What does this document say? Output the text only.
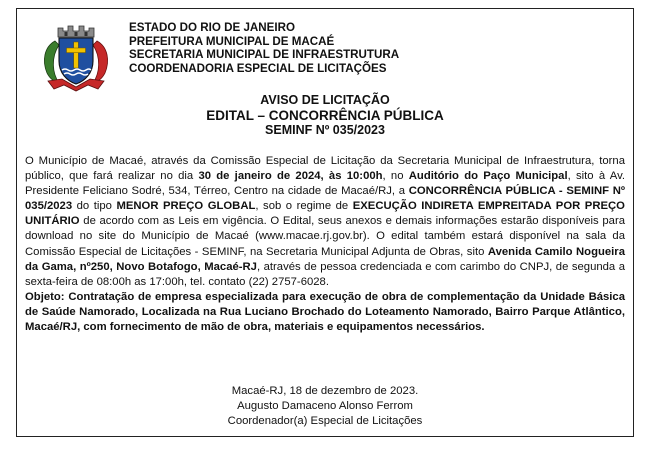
ESTADO DO RIO DE JANEIRO
PREFEITURA MUNICIPAL DE MACAÉ
SECRETARIA MUNICIPAL DE INFRAESTRUTURA
COORDENADORIA ESPECIAL DE LICITAÇÕES
AVISO DE LICITAÇÃO
EDITAL – CONCORRÊNCIA PÚBLICA
SEMINF Nº 035/2023
O Município de Macaé, através da Comissão Especial de Licitação da Secretaria Municipal de Infraestrutura, torna público, que fará realizar no dia 30 de janeiro de 2024, às 10:00h, no Auditório do Paço Municipal, sito à Av. Presidente Feliciano Sodré, 534, Térreo, Centro na cidade de Macaé/RJ, a CONCORRÊNCIA PÚBLICA - SEMINF Nº 035/2023 do tipo MENOR PREÇO GLOBAL, sob o regime de EXECUÇÃO INDIRETA EMPREITADA POR PREÇO UNITÁRIO de acordo com as Leis em vigência. O Edital, seus anexos e demais informações estarão disponíveis para download no site do Município de Macaé (www.macae.rj.gov.br). O edital também estará disponível na sala da Comissão Especial de Licitações - SEMINF, na Secretaria Municipal Adjunta de Obras, sito Avenida Camilo Nogueira da Gama, nº250, Novo Botafogo, Macaé-RJ, através de pessoa credenciada e com carimbo do CNPJ, de segunda a sexta-feira de 08:00h as 17:00h, tel. contato (22) 2757-6028.
Objeto: Contratação de empresa especializada para execução de obra de complementação da Unidade Básica de Saúde Namorado, Localizada na Rua Luciano Brochado do Loteamento Namorado, Bairro Parque Atlântico, Macaé/RJ, com fornecimento de mão de obra, materiais e equipamentos necessários.
Macaé-RJ, 18 de dezembro de 2023.
Augusto Damaceno Alonso Ferrom
Coordenador(a) Especial de Licitações
